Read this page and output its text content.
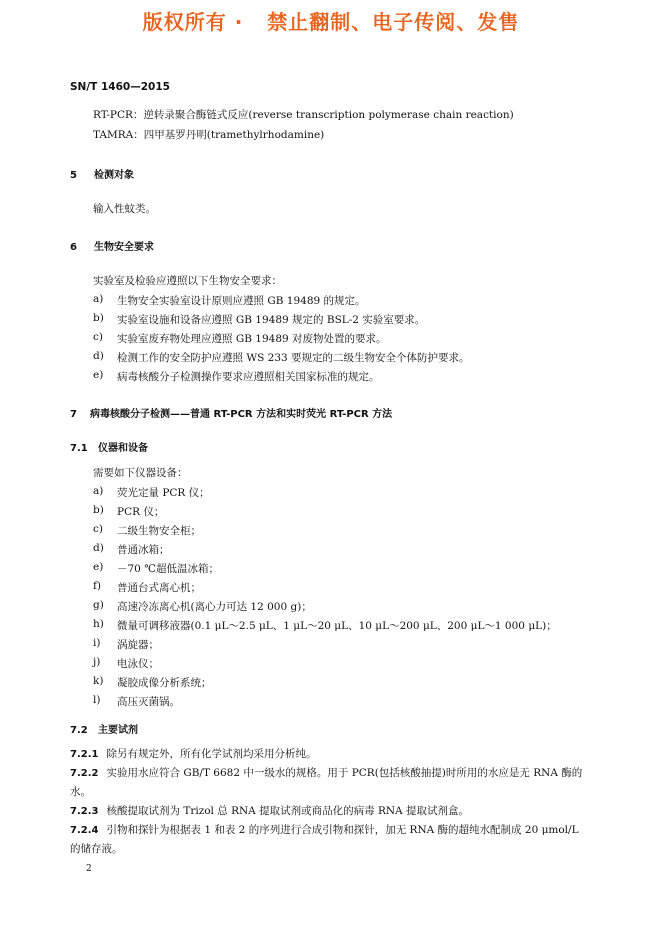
版权所有 ·   禁止翻制、电子传阅、发售
SN/T 1460—2015
RT-PCR：逆转录聚合酶链式反应(reverse transcription polymerase chain reaction)
TAMRA：四甲基罗丹明(tramethylrhodamine)
5 检测对象
输入性蚊类。
6 生物安全要求
实验室及检验应遵照以下生物安全要求：
a) 生物安全实验室设计原则应遵照 GB 19489 的规定。
b) 实验室设施和设备应遵照 GB 19489 规定的 BSL-2 实验室要求。
c) 实验室废弃物处理应遵照 GB 19489 对废物处置的要求。
d) 检测工作的安全防护应遵照 WS 233 要规定的二级生物安全个体防护要求。
e) 病毒核酸分子检测操作要求应遵照相关国家标准的规定。
7 病毒核酸分子检测——普通 RT-PCR 方法和实时荧光 RT-PCR 方法
7.1 仪器和设备
需要如下仪器设备：
a) 荧光定量 PCR 仪；
b) PCR 仪；
c) 二级生物安全柜；
d) 普通冰箱；
e) －70 ℃超低温冰箱；
f) 普通台式离心机；
g) 高速冷冻离心机(离心力可达 12 000 g)；
h) 微量可调移液器(0.1 μL～2.5 μL、1 μL～20 μL、10 μL～200 μL、200 μL～1 000 μL)；
i) 涡旋器；
j) 电泳仪；
k) 凝胶成像分析系统；
l) 高压灭菌锅。
7.2 主要试剂
7.2.1 除另有规定外，所有化学试剂均采用分析纯。
7.2.2 实验用水应符合 GB/T 6682 中一级水的规格。用于 PCR(包括核酸抽提)时所用的水应是无 RNA 酶的水。
7.2.3 核酸提取试剂为 Trizol 总 RNA 提取试剂或商品化的病毒 RNA 提取试剂盒。
7.2.4 引物和探针为根据表 1 和表 2 的序列进行合成引物和探针，加无 RNA 酶的超纯水配制成 20 μmol/L 的储存液。
2
